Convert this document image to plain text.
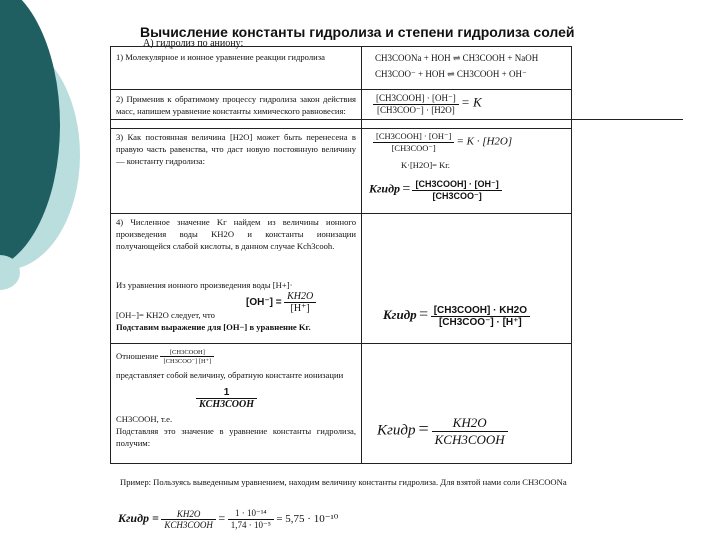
Вычисление константы гидролиза и степени гидролиза солей
А) гидролиз по аниону:
1) Молекулярное и ионное уравнение реакции гидролиза	CH3COONa + HOH ⇌ CH3COOH + NaOH
CH3COO⁻ + HOH ⇌ CH3COOH + OH⁻
2) Применив к обратимому процессу гидролиза закон действия масс, напишем уравнение константы химического равновесия:	$\frac{\text{[CH3COOH] · [OH⁻]}}{\text{[CH3COO⁻] · [H2O]}} = K$
3) Как постоянная величина [H2O] может быть перенесена в правую часть равенства, что даст новую постоянную величину — константу гидролиза:
$\frac{\text{[CH3COOH] · [OH⁻]}}{\text{[CH3COO⁻]}} = K \cdot [H2O]$
K·[H2O]= Kг.
Kгидр = $\frac{\text{[CH3COOH] · [OH⁻]}}{\text{[CH3COO⁻]}}$
4) Численное значение Kг найдем из величины ионного произведения воды KH2O и константы ионизации получающейся слабой кислоты, в данном случае Kch3cooh.
Из уравнения ионного произведения воды [H+]·
$[OH^-] = \frac{KH2O}{[H^+]}$
[OH−]= KH2O следует, что
Подставим выражение для [OH−] в уравнение Kг.
Kгидр = $\frac{\text{[CH3COOH] · KH2O}}{\text{[CH3COO⁻] · [H⁺]}}$
Отношение $\frac{\text{[CH3COOH]}}{\text{[CH3COO⁻] [H⁺]}}$
представляет собой величину, обратную константе ионизации
$\frac{1}{\text{KCH3COOH}}$
CH3COOH, т.е.
Подставляя это значение в уравнение константы гидролиза, получим:
Kгидр = $\frac{KH2O}{\text{KCH3COOH}}$
Пример: Пользуясь выведенным уравнением, находим величину константы гидролиза. Для взятой нами соли CH3COONa
Kгидр = $\frac{KH2O}{\text{KCH3COOH}} = \frac{\text{1 · 10⁻¹⁴}}{\text{1,74 · 10⁻⁵}} = 5,75 \cdot 10^{-10}$
